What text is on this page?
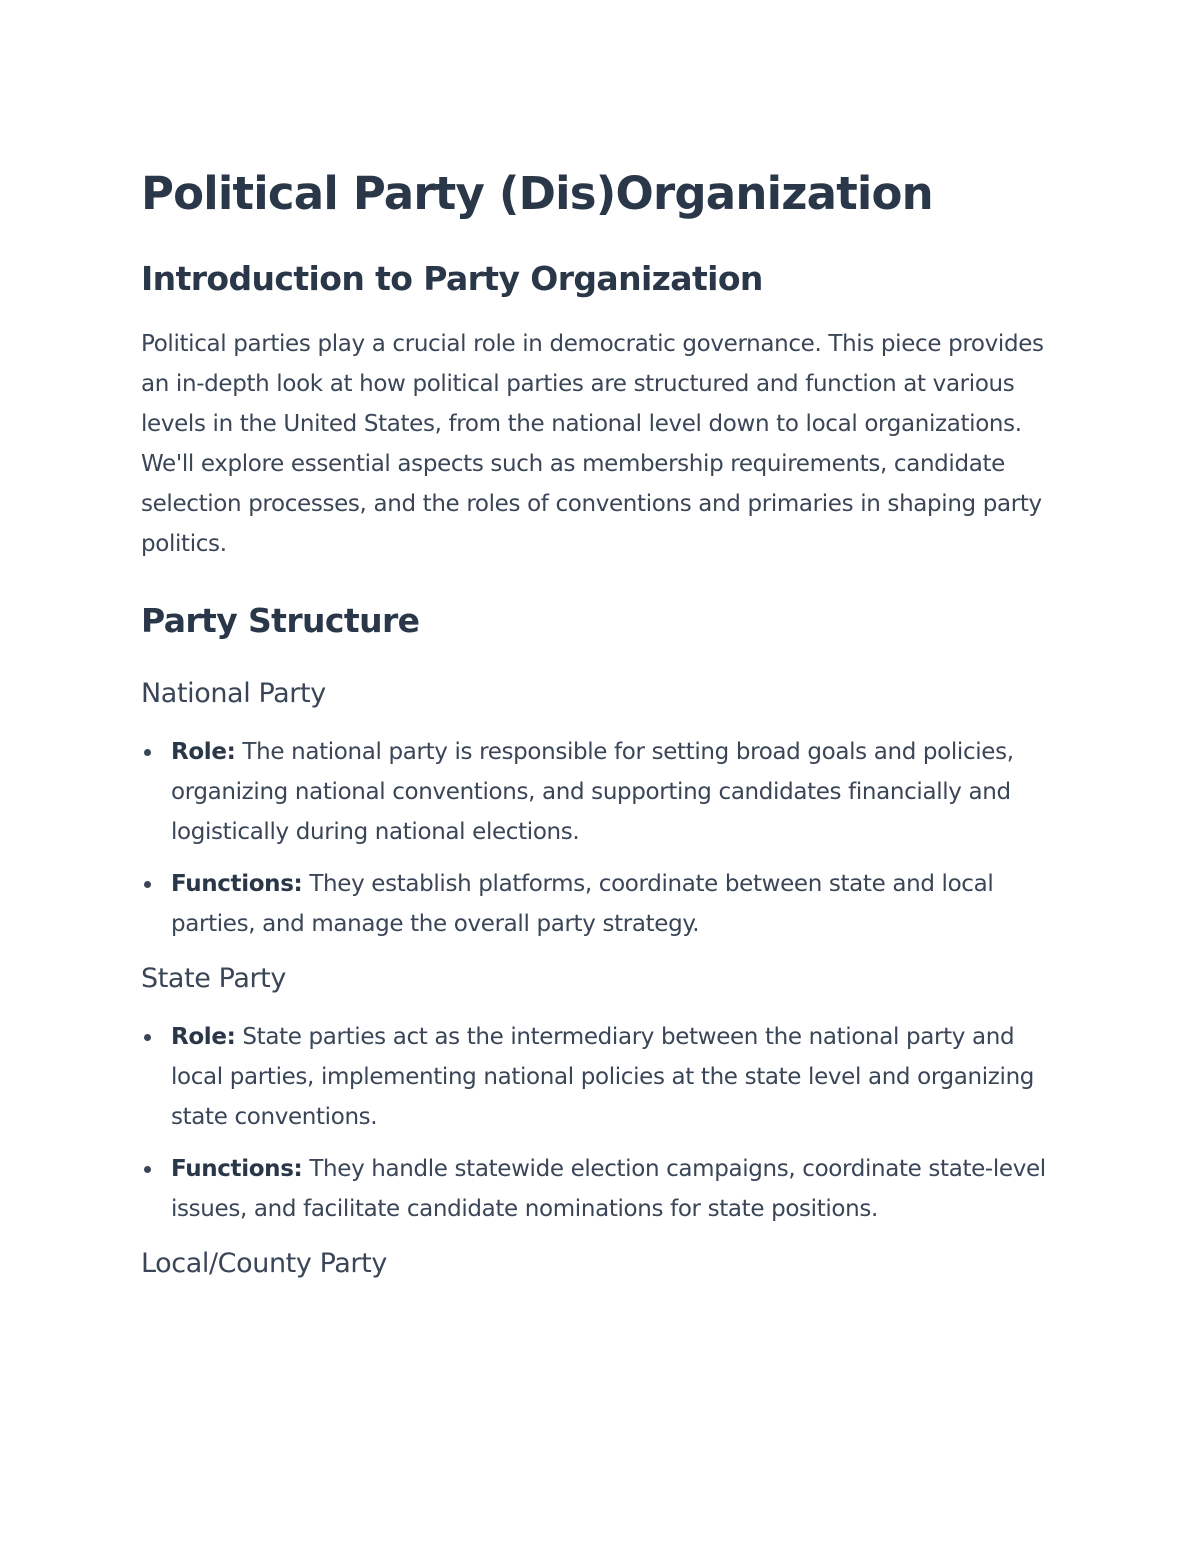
Political Party (Dis)Organization
Introduction to Party Organization

Political parties play a crucial role in democratic governance. This piece provides an in-depth look at how political parties are structured and function at various levels in the United States, from the national level down to local organizations. We'll explore essential aspects such as membership requirements, candidate selection processes, and the roles of conventions and primaries in shaping party politics.

Party Structure
National Party
Role: The national party is responsible for setting broad goals and policies, organizing national conventions, and supporting candidates financially and logistically during national elections.
Functions: They establish platforms, coordinate between state and local parties, and manage the overall party strategy.
State Party
Role: State parties act as the intermediary between the national party and local parties, implementing national policies at the state level and organizing state conventions.
Functions: They handle statewide election campaigns, coordinate state-level issues, and facilitate candidate nominations for state positions.
Local/County Party
